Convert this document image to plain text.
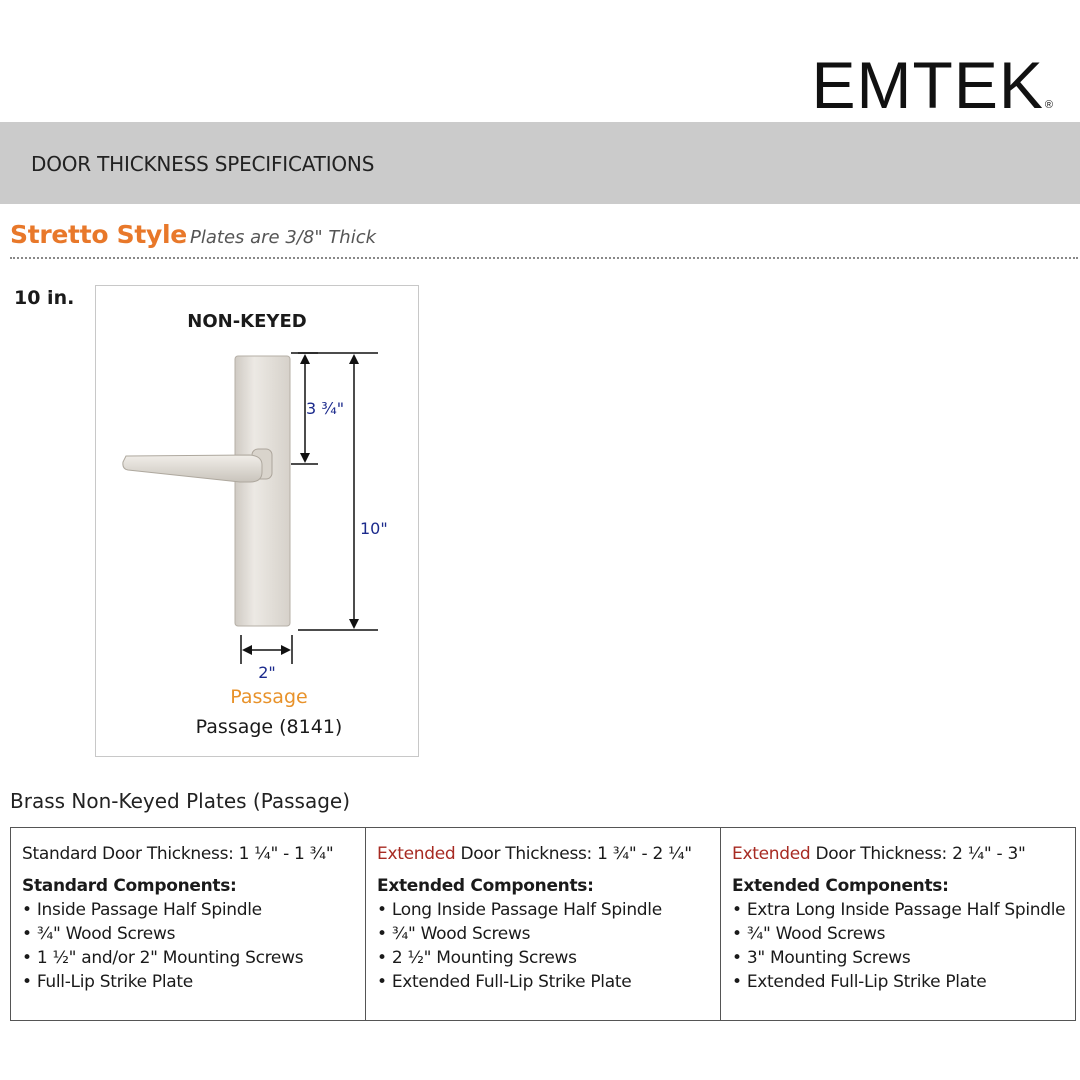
EMTEK®
DOOR THICKNESS SPECIFICATIONS
Stretto Style Plates are 3/8" Thick
10 in.
NON-KEYED
3 ¾"
10"
2"
Passage
Passage (8141)
Brass Non-Keyed Plates (Passage)
Standard Door Thickness: 1 ¼" - 1 ¾"
Standard Components:
• Inside Passage Half Spindle
• ¾" Wood Screws
• 1 ½" and/or 2" Mounting Screws
• Full-Lip Strike Plate
Extended Door Thickness: 1 ¾" - 2 ¼"
Extended Components:
• Long Inside Passage Half Spindle
• ¾" Wood Screws
• 2 ½" Mounting Screws
• Extended Full-Lip Strike Plate
Extended Door Thickness: 2 ¼" - 3"
Extended Components:
• Extra Long Inside Passage Half Spindle
• ¾" Wood Screws
• 3" Mounting Screws
• Extended Full-Lip Strike Plate
